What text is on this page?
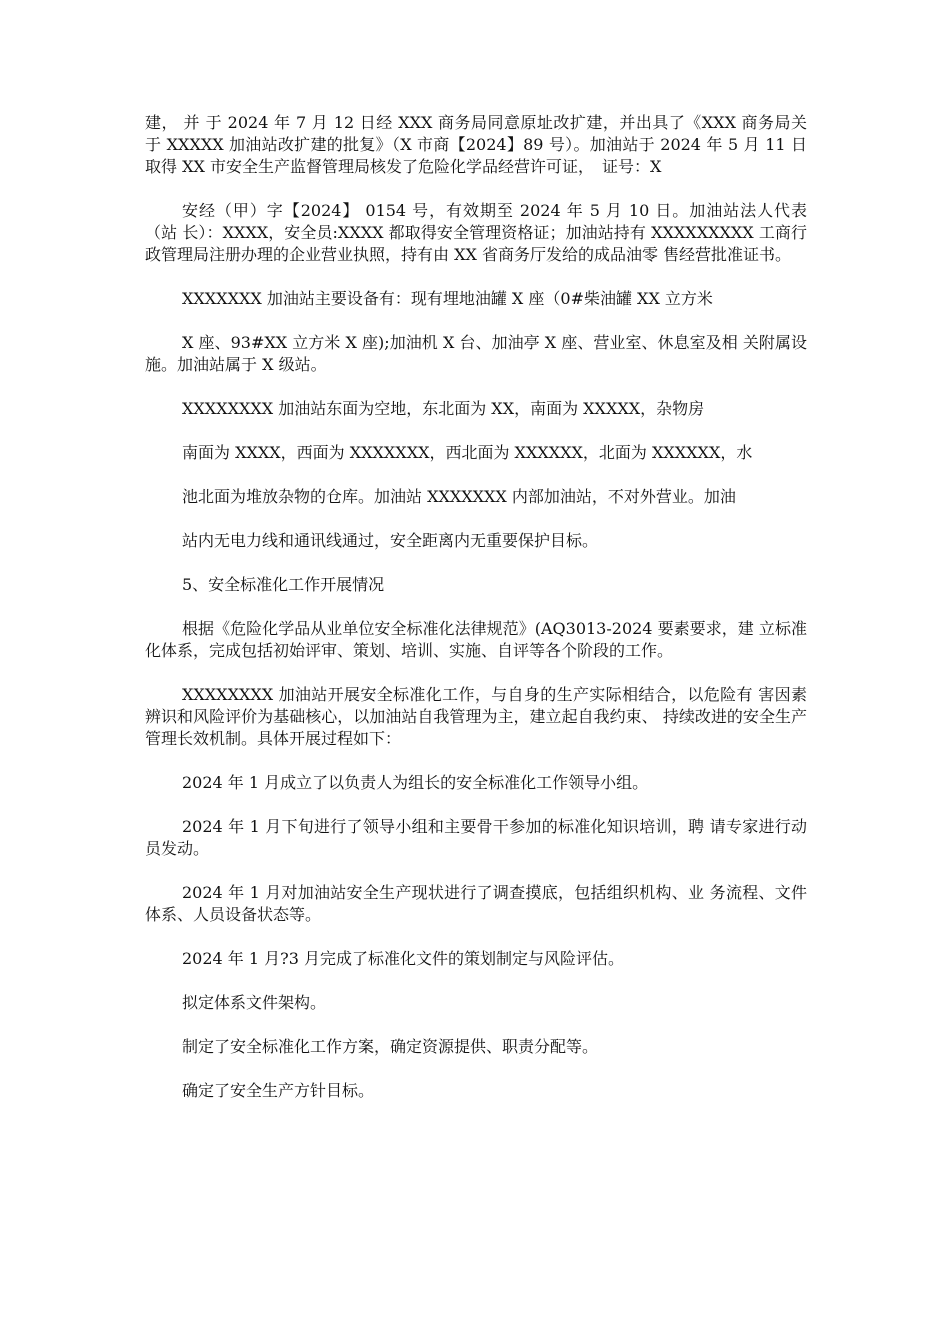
建， 并 于 2024 年 7 月 12 日经 XXX 商务局同意原址改扩建，并出具了《XXX 商务局关 于 XXXXX 加油站改扩建的批复》（X 市商【2024】89 号）。加油站于 2024 年 5 月 11 日取得 XX 市安全生产监督管理局核发了危险化学品经营许可证，　证号：X

安经（甲）字【2024】 0154 号，有效期至 2024 年 5 月 10 日。加油站法人代表（站 长）：XXXX，安全员:XXXX 都取得安全管理资格证；加油站持有 XXXXXXXXX 工商行政管理局注册办理的企业营业执照，持有由 XX 省商务厅发给的成品油零 售经营批准证书。

XXXXXXX 加油站主要设备有：现有埋地油罐 X 座（0#柴油罐 XX 立方米

X 座、93#XX 立方米 X 座);加油机 X 台、加油亭 X 座、营业室、休息室及相 关附属设施。加油站属于 X 级站。

XXXXXXXX 加油站东面为空地，东北面为 XX，南面为 XXXXX，杂物房

南面为 XXXX，西面为 XXXXXXX，西北面为 XXXXXX，北面为 XXXXXX，水

池北面为堆放杂物的仓库。加油站 XXXXXXX 内部加油站，不对外营业。加油

站内无电力线和通讯线通过，安全距离内无重要保护目标。

5、安全标准化工作开展情况

根据《危险化学品从业单位安全标准化法律规范》(AQ3013-2024 要素要求，建 立标准化体系，完成包括初始评审、策划、培训、实施、自评等各个阶段的工作。

XXXXXXXX 加油站开展安全标准化工作，与自身的生产实际相结合，以危险有 害因素辨识和风险评价为基础核心，以加油站自我管理为主，建立起自我约束、 持续改进的安全生产管理长效机制。具体开展过程如下：

2024 年 1 月成立了以负责人为组长的安全标准化工作领导小组。

2024 年 1 月下旬进行了领导小组和主要骨干参加的标准化知识培训，聘 请专家进行动员发动。

2024 年 1 月对加油站安全生产现状进行了调查摸底，包括组织机构、业 务流程、文件体系、人员设备状态等。

2024 年 1 月?3 月完成了标准化文件的策划制定与风险评估。

拟定体系文件架构。

制定了安全标准化工作方案，确定资源提供、职责分配等。

确定了安全生产方针目标。
